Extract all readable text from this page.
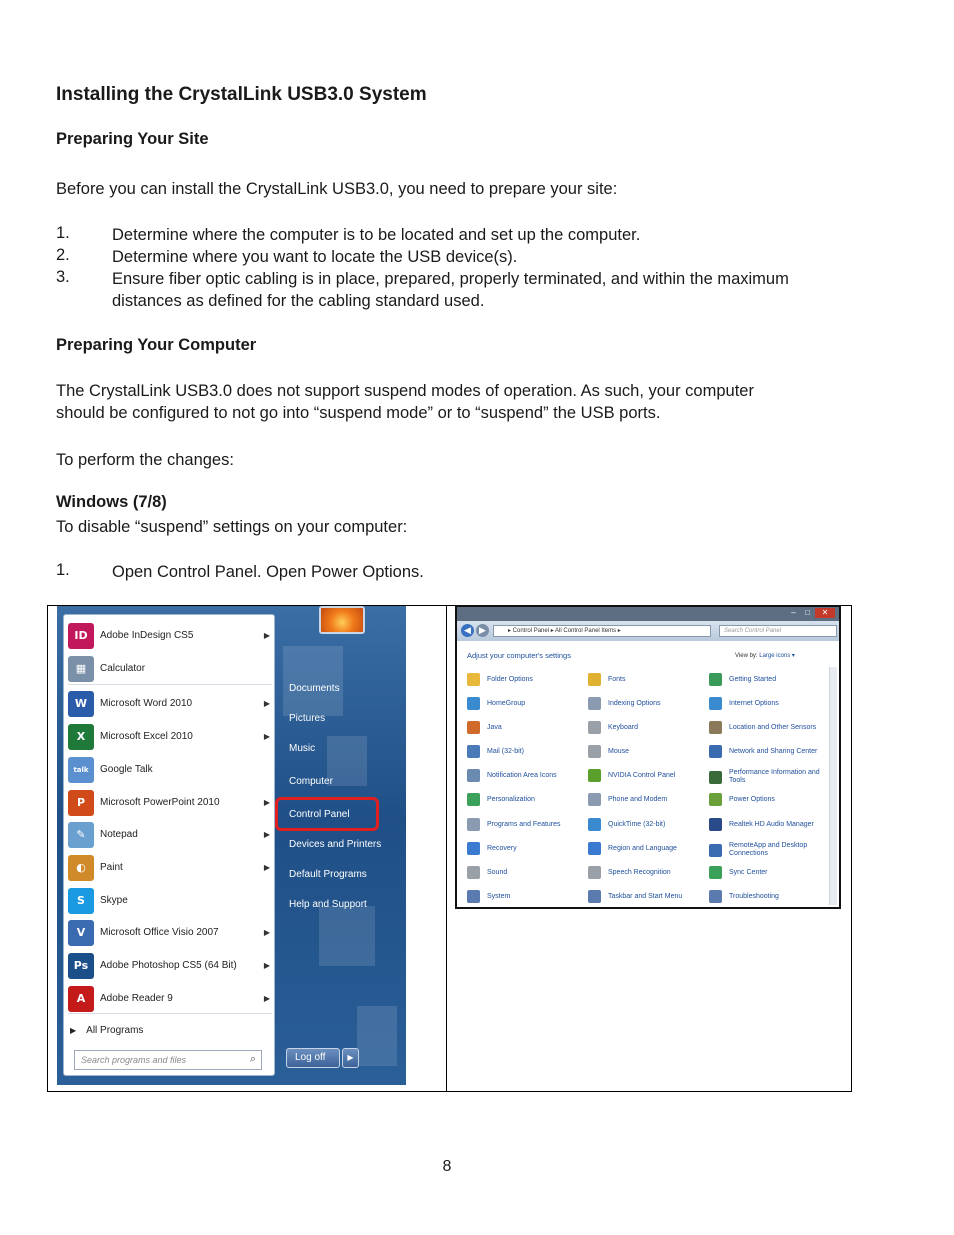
Installing the CrystalLink USB3.0 System
Preparing Your Site
Before you can install the CrystalLink USB3.0, you need to prepare your site:
1.	Determine where the computer is to be located and set up the computer.
2.	Determine where you want to locate the USB device(s).
3.	Ensure fiber optic cabling is in place, prepared, properly terminated, and within the maximum distances as defined for the cabling standard used.
Preparing Your Computer
The CrystalLink USB3.0 does not support suspend modes of operation. As such, your computer
should be configured to not go into “suspend mode” or to “suspend” the USB ports.
To perform the changes:
Windows (7/8)
To disable “suspend” settings on your computer:
1.	Open Control Panel. Open Power Options.
ID	Adobe InDesign CS5	▶
▦	Calculator
W	Microsoft Word 2010	▶
X	Microsoft Excel 2010	▶
talk	Google Talk
P	Microsoft PowerPoint 2010	▶
✎	Notepad	▶
◐	Paint	▶
S	Skype
V	Microsoft Office Visio 2007	▶
Ps	Adobe Photoshop CS5 (64 Bit)	▶
A	Adobe Reader 9	▶
▶ All Programs
Search programs and files	⌕
Documents
Pictures
Music
Computer
Control Panel
Devices and Printers
Default Programs
Help and Support
Log off	▶
–	□	✕
◀ ▶	▸ Control Panel ▸ All Control Panel Items ▸	Search Control Panel
Adjust your computer's settings	View by: Large icons ▾
Folder Options
HomeGroup
Java
Mail (32-bit)
Notification Area Icons
Personalization
Programs and Features
Recovery
Sound
System
Fonts
Indexing Options
Keyboard
Mouse
NVIDIA Control Panel
Phone and Modem
QuickTime (32-bit)
Region and Language
Speech Recognition
Taskbar and Start Menu
Getting Started
Internet Options
Location and Other Sensors
Network and Sharing Center
Performance Information and Tools
Power Options
Realtek HD Audio Manager
RemoteApp and Desktop Connections
Sync Center
Troubleshooting
8
